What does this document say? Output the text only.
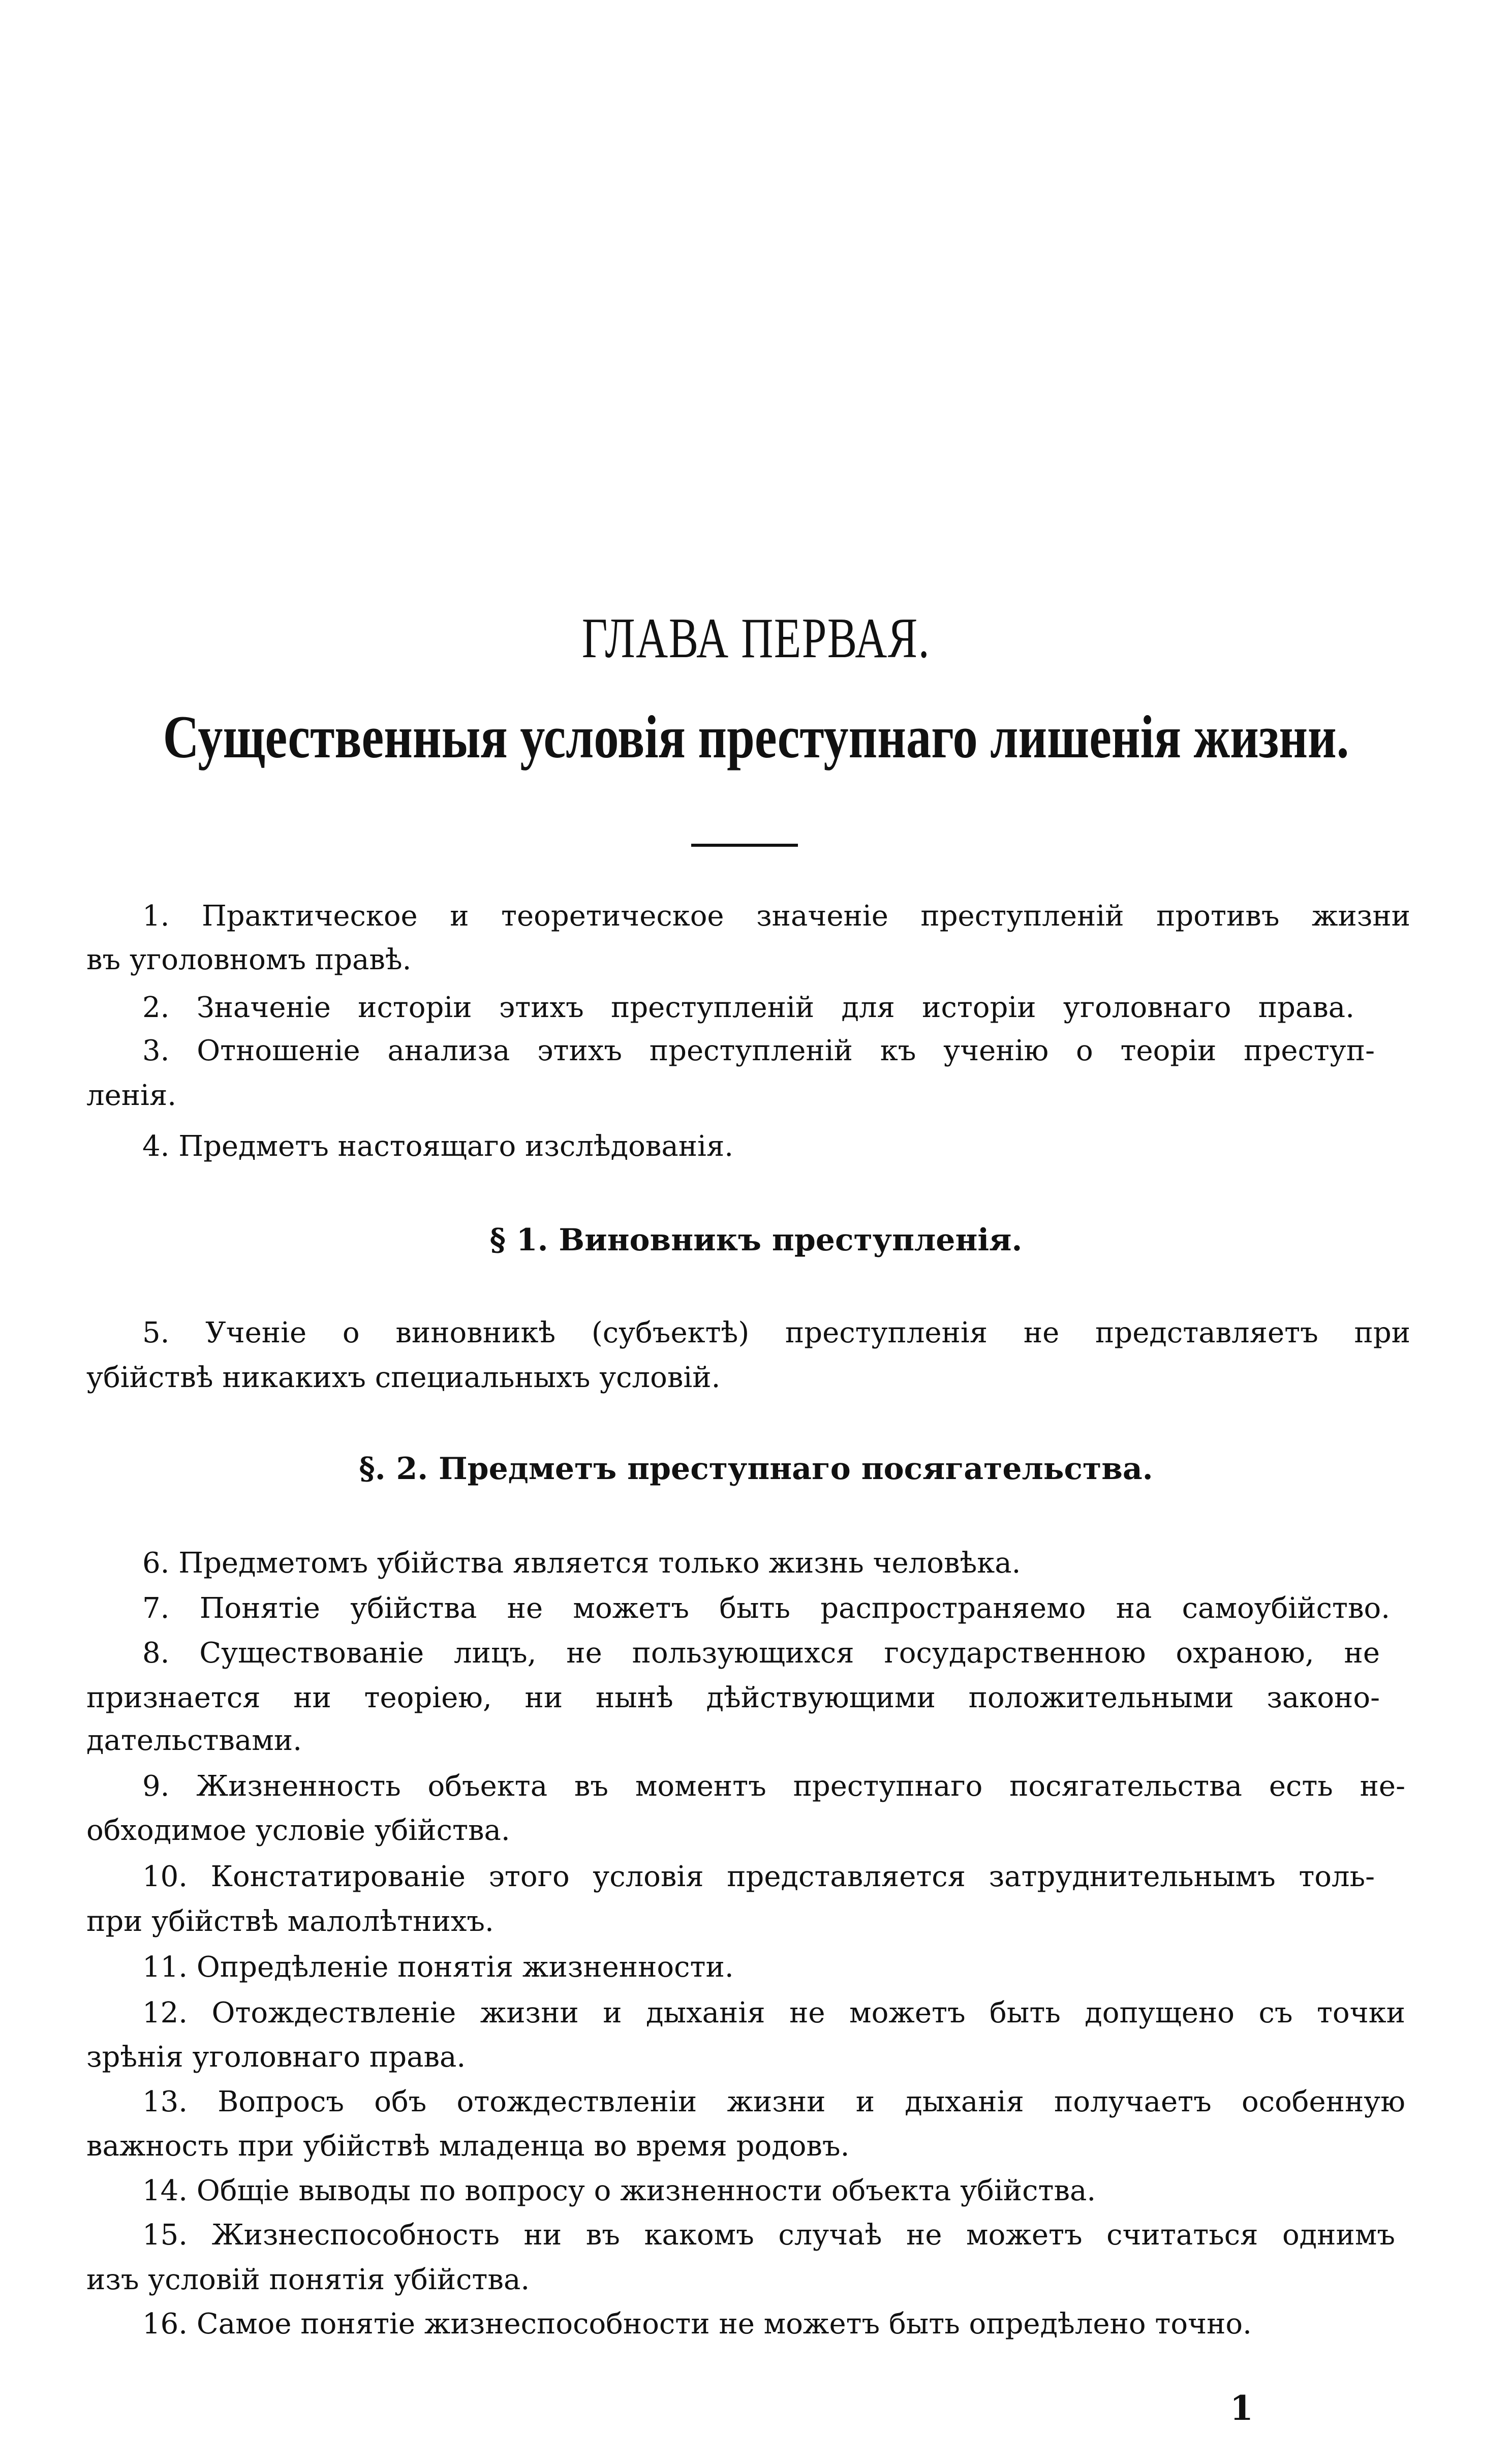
ГЛАВА ПЕРВАЯ.
Существенныя условія преступнаго лишенія жизни.
1. Практическое и теоретическое значеніе преступленій противъ жизни
въ уголовномъ правѣ.
2. Значеніе исторіи этихъ преступленій для исторіи уголовнаго права.
3. Отношеніе анализа этихъ преступленій къ ученію о теоріи преступ-
ленія.
4. Предметъ настоящаго изслѣдованія.
§ 1. Виновникъ преступленія.
5. Ученіе о виновникѣ (субъектѣ) преступленія не представляетъ при
убійствѣ никакихъ специальныхъ условій.
§. 2. Предметъ преступнаго посягательства.
6. Предметомъ убійства является только жизнь человѣка.
7. Понятіе убійства не можетъ быть распространяемо на самоубійство.
8. Существованіе лицъ, не пользующихся государственною охраною, не
признается ни теоріею, ни нынѣ дѣйствующими положительными законо-
дательствами.
9. Жизненность объекта въ моментъ преступнаго посягательства есть не-
обходимое условіе убійства.
10. Констатированіе этого условія представляется затруднительнымъ толь-
при убійствѣ малолѣтнихъ.
11. Опредѣленіе понятія жизненности.
12. Отождествленіе жизни и дыханія не можетъ быть допущено съ точки
зрѣнія уголовнаго права.
13. Вопросъ объ отождествленіи жизни и дыханія получаетъ особенную
важность при убійствѣ младенца во время родовъ.
14. Общіе выводы по вопросу о жизненности объекта убійства.
15. Жизнеспособность ни въ какомъ случаѣ не можетъ считаться однимъ
изъ условій понятія убійства.
16. Самое понятіе жизнеспособности не можетъ быть опредѣлено точно.
1
